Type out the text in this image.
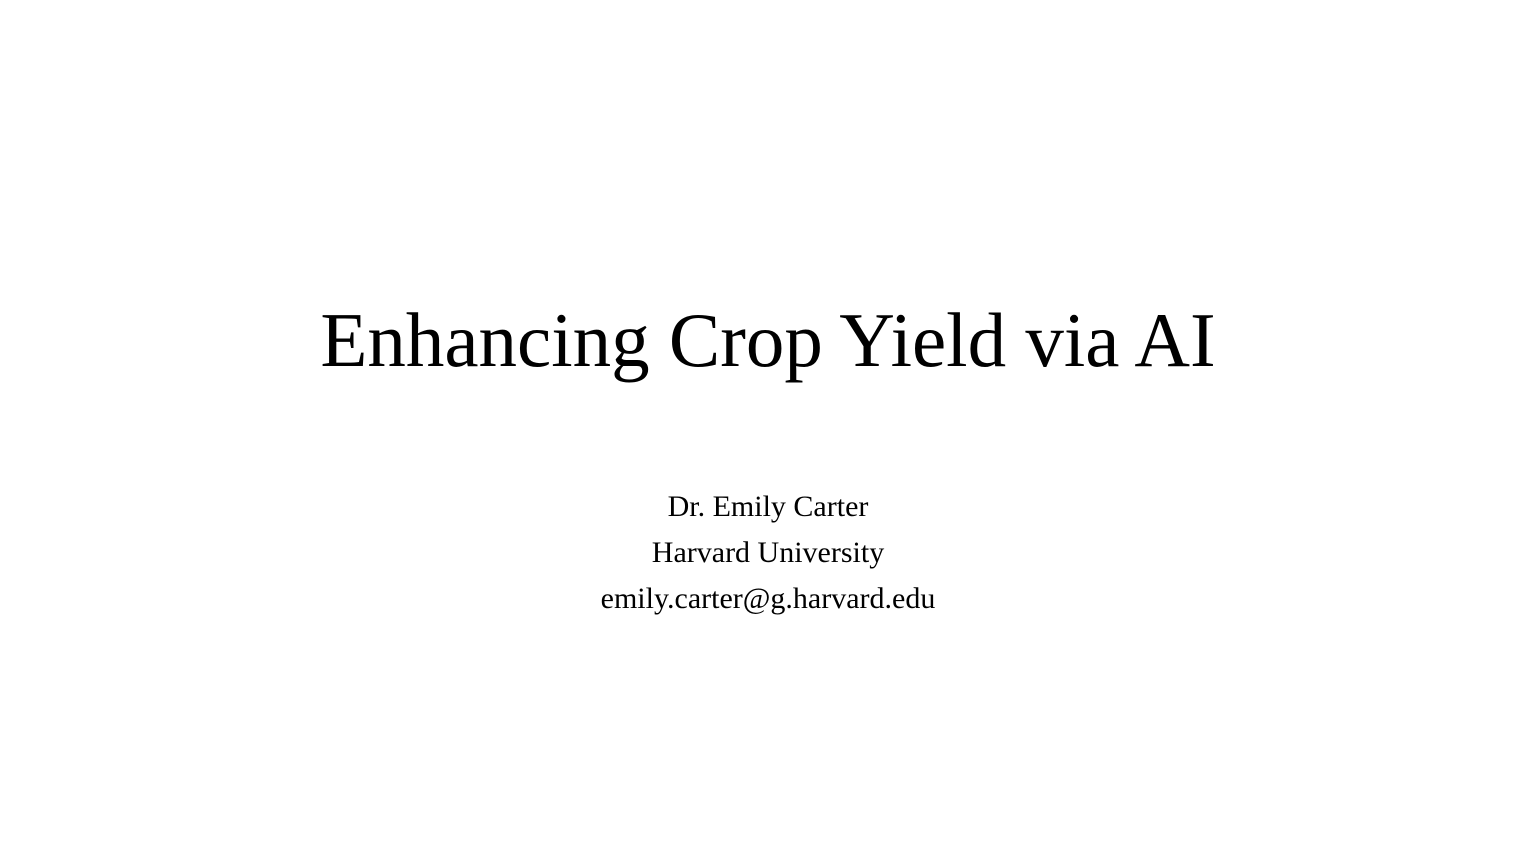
Enhancing Crop Yield via AI

Dr. Emily Carter

Harvard University

emily.carter@g.harvard.edu
